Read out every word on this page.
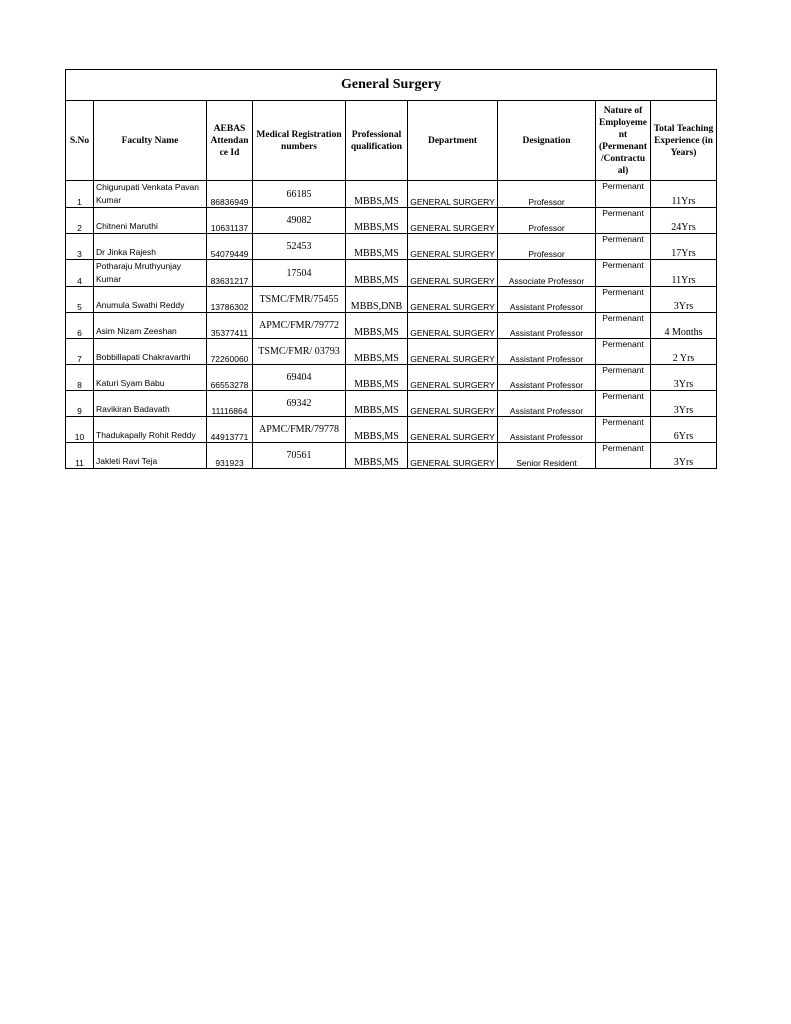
General Surgery								
S.No	Faculty Name	AEBAS Attendan ce Id	Medical Registration numbers	Professional qualification	Department	Designation	Nature of Employeme nt (Permenant /Contractu al)	Total Teaching Experience (in Years)
1	Chigurupati Venkata Pavan Kumar	86836949	66185	MBBS,MS	GENERAL SURGERY	Professor	Permenant	11Yrs
2	Chitneni Maruthi	10631137	49082	MBBS,MS	GENERAL SURGERY	Professor	Permenant	24Yrs
3	Dr Jinka Rajesh	54079449	52453	MBBS,MS	GENERAL SURGERY	Professor	Permenant	17Yrs
4	Potharaju Mruthyunjay Kumar	83631217	17504	MBBS,MS	GENERAL SURGERY	Associate Professor	Permenant	11Yrs
5	Anumula Swathi Reddy	13786302	TSMC/FMR/75455	MBBS,DNB	GENERAL SURGERY	Assistant Professor	Permenant	3Yrs
6	Asim Nizam Zeeshan	35377411	APMC/FMR/79772	MBBS,MS	GENERAL SURGERY	Assistant Professor	Permenant	4 Months
7	Bobbillapati Chakravarthi	72260060	TSMC/FMR/ 03793	MBBS,MS	GENERAL SURGERY	Assistant Professor	Permenant	2 Yrs
8	Katuri Syam Babu	66553278	69404	MBBS,MS	GENERAL SURGERY	Assistant Professor	Permenant	3Yrs
9	Ravikiran Badavath	11116864	69342	MBBS,MS	GENERAL SURGERY	Assistant Professor	Permenant	3Yrs
10	Thadukapally Rohit Reddy	44913771	APMC/FMR/79778	MBBS,MS	GENERAL SURGERY	Assistant Professor	Permenant	6Yrs
11	Jakleti Ravi Teja	931923	70561	MBBS,MS	GENERAL SURGERY	Senior Resident	Permenant	3Yrs
